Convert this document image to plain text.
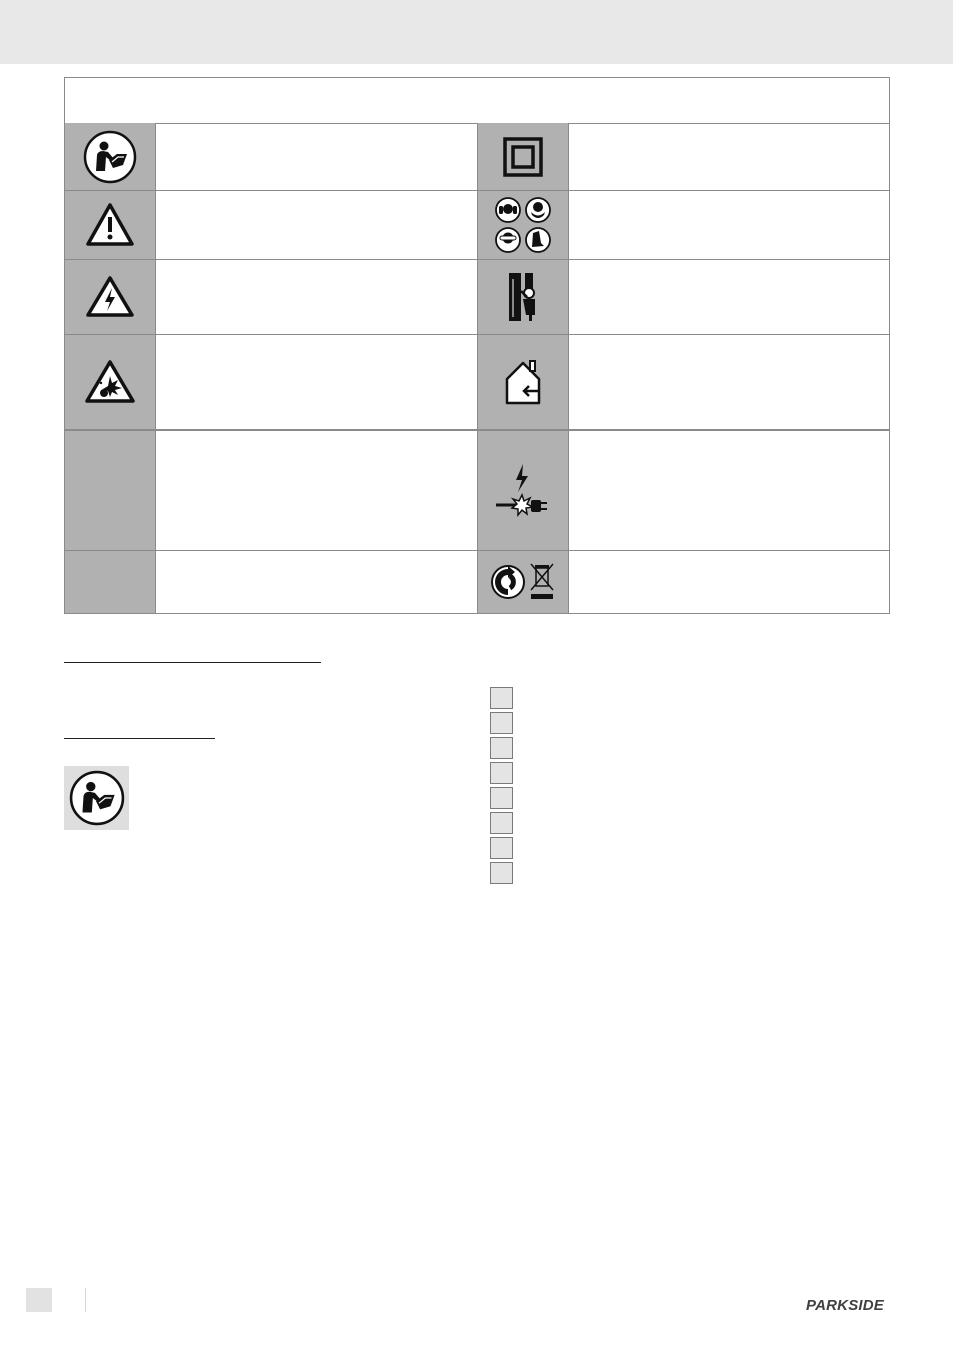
PARKSIDE
